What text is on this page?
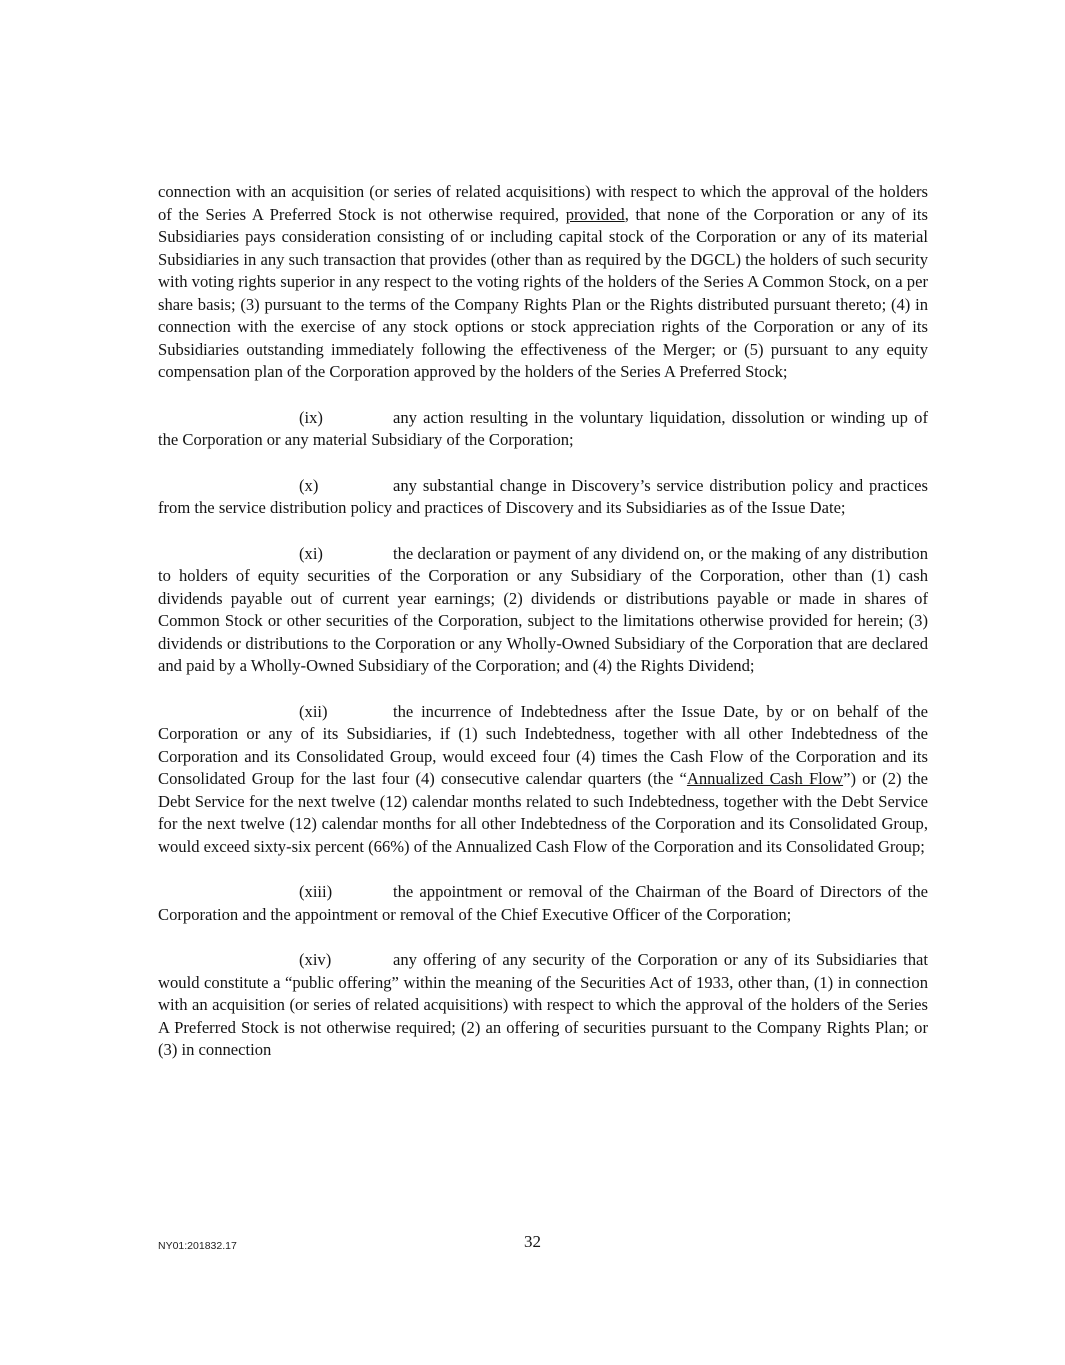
connection with an acquisition (or series of related acquisitions) with respect to which the approval of the holders of the Series A Preferred Stock is not otherwise required, provided, that none of the Corporation or any of its Subsidiaries pays consideration consisting of or including capital stock of the Corporation or any of its material Subsidiaries in any such transaction that provides (other than as required by the DGCL) the holders of such security with voting rights superior in any respect to the voting rights of the holders of the Series A Common Stock, on a per share basis; (3) pursuant to the terms of the Company Rights Plan or the Rights distributed pursuant thereto; (4) in connection with the exercise of any stock options or stock appreciation rights of the Corporation or any of its Subsidiaries outstanding immediately following the effectiveness of the Merger; or (5) pursuant to any equity compensation plan of the Corporation approved by the holders of the Series A Preferred Stock;

(ix)	any action resulting in the voluntary liquidation, dissolution or winding up of the Corporation or any material Subsidiary of the Corporation;

(x)	any substantial change in Discovery’s service distribution policy and practices from the service distribution policy and practices of Discovery and its Subsidiaries as of the Issue Date;

(xi)	the declaration or payment of any dividend on, or the making of any distribution to holders of equity securities of the Corporation or any Subsidiary of the Corporation, other than (1) cash dividends payable out of current year earnings; (2) dividends or distributions payable or made in shares of Common Stock or other securities of the Corporation, subject to the limitations otherwise provided for herein; (3) dividends or distributions to the Corporation or any Wholly-Owned Subsidiary of the Corporation that are declared and paid by a Wholly-Owned Subsidiary of the Corporation; and (4) the Rights Dividend;

(xii)	the incurrence of Indebtedness after the Issue Date, by or on behalf of the Corporation or any of its Subsidiaries, if (1) such Indebtedness, together with all other Indebtedness of the Corporation and its Consolidated Group, would exceed four (4) times the Cash Flow of the Corporation and its Consolidated Group for the last four (4) consecutive calendar quarters (the “Annualized Cash Flow”) or (2) the Debt Service for the next twelve (12) calendar months related to such Indebtedness, together with the Debt Service for the next twelve (12) calendar months for all other Indebtedness of the Corporation and its Consolidated Group, would exceed sixty-six percent (66%) of the Annualized Cash Flow of the Corporation and its Consolidated Group;

(xiii)	the appointment or removal of the Chairman of the Board of Directors of the Corporation and the appointment or removal of the Chief Executive Officer of the Corporation;

(xiv)	any offering of any security of the Corporation or any of its Subsidiaries that would constitute a “public offering” within the meaning of the Securities Act of 1933, other than, (1) in connection with an acquisition (or series of related acquisitions) with respect to which the approval of the holders of the Series A Preferred Stock is not otherwise required; (2) an offering of securities pursuant to the Company Rights Plan; or (3) in connection

NY01:201832.17	32
